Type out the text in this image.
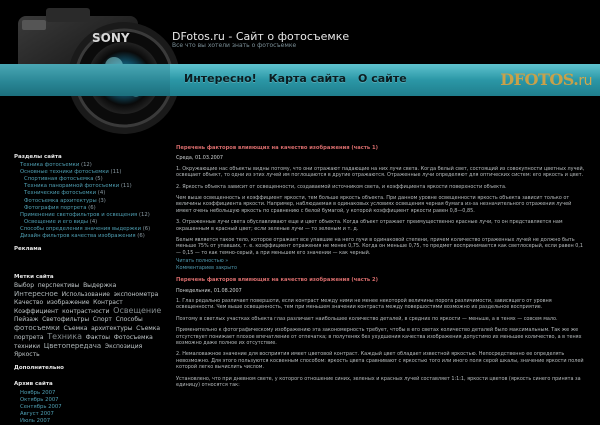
SONY	DFotos.ru - Сайт о фотосъемке
Все что вы хотели знать о фотосъемке
Интересно! Карта сайта О сайте	DFOTOS.ru
Разделы сайта
Техника фотосъемки (12)
Основные техники фотосъемки (11)
Спортивная фотосъемка (5)
Техника панорамной фотосъемки (11)
Технические фотосъемки (4)
Фотосъемка архитектуры (3)
Фотография портрета (6)
Применение светофильтров и освещения (12)
Освещение и его виды (4)
Способы определения значения выдержки (6)
Дизайн фильтров качества изображения (6)
Реклама
Метки сайта
Выбор перспективы Выдержка Интересное Использование экспонометра Качество изображение Контраст Коэффициент контрастности Освещение Пейзаж Светофильтры Спорт Способы фотосъемки Съемка архитектуры Съемка портрета Техника Фактоы Фотосъемка техники Цветопередача Экспозиция Яркость
Дополнительно
Архив сайта
Ноябрь 2007
Октябрь 2007
Сентябрь 2007
Август 2007
Июль 2007
Перечень факторов влияющих на качество изображения (часть 1)
Среда, 01.03.2007
1. Окружающие нас объекты видны потому, что они отражают падающие на них лучи света. Когда белый свет, состоящий из совокупности цветных лучей, освещает объект, то одни из этих лучей им поглощаются в другие отражаются. Отраженные лучи определяют для оптических систем: его яркость и цвет.
2. Яркость объекта зависит от освещенности, создаваемой источником света, и коэффициента яркости поверхности объекта.
Чем выше освещенность и коэффициент яркости, тем больше яркость объекта. При данном уровне освещенности яркость объекта зависит только от величины коэффициента яркости. Например, наблюдаемая в одинаковых условиях освещения черная бумага из-за незначительного отражения лучей имеет очень небольшую яркость по сравнению с белой бумагой, у которой коэффициент яркости равен 0,8—0,85.
3. Отраженные лучи света обуславливают еще и цвет объекта. Когда объект отражает преимущественно красные лучи, то он представляется нам окрашенным в красный цвет; если зеленые лучи — то зеленым и т. д.
Белым является такое тело, которое отражает все упавшие на него лучи в одинаковой степени, причем количество отраженных лучей не должно быть меньше 75% от упавших, т. е. коэффициент отражения не менее 0,75. Когда он меньше 0,75, то предмет воспринимается как светлосерый, если равен 0,1 — 0,15 — то как темно-серый, а при меньшем его значении — как черный.
Читать полностью »
Комментариев закрыто
Перечень факторов влияющих на качество изображения (часть 2)
Понедельник, 01.08.2007
1. Глаз редально различает повершоти, если контраст между ними не менее некоторой величины порога различимости, зависящего от уровня освещенности. Чем выше освещенность, тем при меньшем значении контраста между повершостями возможно их раздельное восприятие.
Поэтому в светлых участках объекта глаз различает наибольшее количество деталей, в средних по яркости — меньше, а в тенях — совсем мало.
Применительно к фотографическому изображению эта закономерность требует, чтобы в его светах количество деталей было максимальным. Так же же отсутствует понижает плохое впечатление от отпечатка; в полутенях без ухудшения качества изображения допустимо их меньшее количество, а в тенях возможно даже полное их отсутствие.
2. Немаловажное значение для восприятия имеет цветовой контраст. Каждый цвет обладает известной яркостью. Непосредственно ее определять невозможно. Для этого пользуются косвенным способом: яркость цвета сравнивают с яркостью того или иного поля серой шкалы, значение яркости полей которой легко вычислить числом.
Установлено, что при дневном свете, у которого отношение синих, зеленых и красных лучей составляет 1:1:1, яркости цветов (яркость синего принята за единицу) относятся так:
